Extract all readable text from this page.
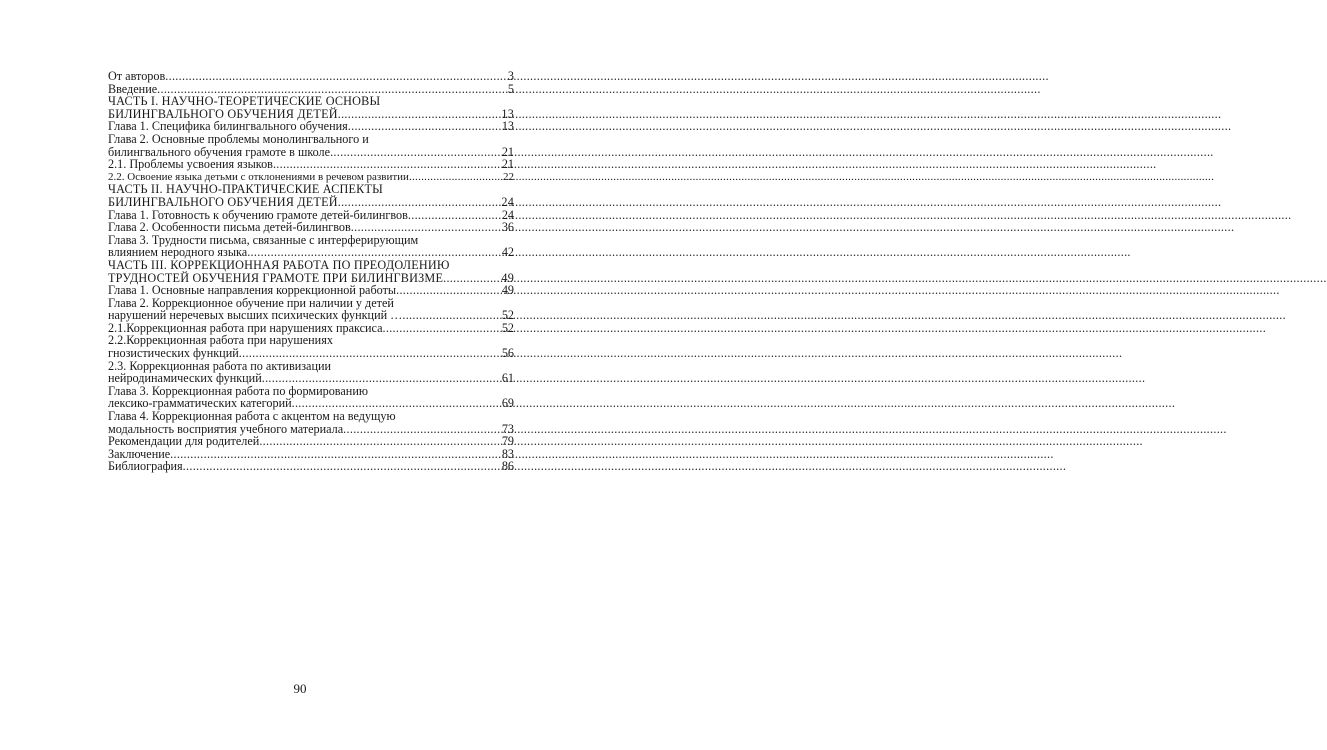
От авторов .....	3
Введение .....	5
ЧАСТЬ I. НАУЧНО-ТЕОРЕТИЧЕСКИЕ ОСНОВЫ
БИЛИНГВАЛЬНОГО ОБУЧЕНИЯ ДЕТЕЙ .....	13
Глава 1. Специфика билингвального обучения .....	13
Глава 2. Основные проблемы монолингвального и
билингвального обучения грамоте в школе .....	21
2.1. Проблемы усвоения языков .....	21
2.2. Освоение языка детьми с отклонениями в речевом развитии .....	22
ЧАСТЬ II. НАУЧНО-ПРАКТИЧЕСКИЕ АСПЕКТЫ
БИЛИНГВАЛЬНОГО ОБУЧЕНИЯ ДЕТЕЙ .....	24
Глава 1. Готовность к обучению грамоте детей-билингвов .....	24
Глава 2. Особенности письма детей-билингвов .....	36
Глава 3. Трудности письма, связанные с интерферирующим
влиянием неродного языка .....	42
ЧАСТЬ III. КОРРЕКЦИОННАЯ РАБОТА ПО ПРЕОДОЛЕНИЮ
ТРУДНОСТЕЙ ОБУЧЕНИЯ ГРАМОТЕ ПРИ БИЛИНГВИЗМЕ .....	49
Глава 1. Основные направления коррекционной работы .....	49
Глава 2. Коррекционное обучение при наличии у детей
нарушений неречевых высших психических функций … .....	52
2.1.Коррекционная работа при нарушениях праксиса .....	52
2.2.Коррекционная работа при нарушениях
гнозистических функций .....	56
2.3. Коррекционная работа по активизации
нейродинамических функций .....	61
Глава 3. Коррекционная работа по формированию
лексико-грамматических категорий .....	69
Глава 4. Коррекционная работа с акцентом на ведущую
модальность восприятия учебного материала .....	73
Рекомендации для родителей .....	79
Заключение .....	83
Библиография .....	86
90
